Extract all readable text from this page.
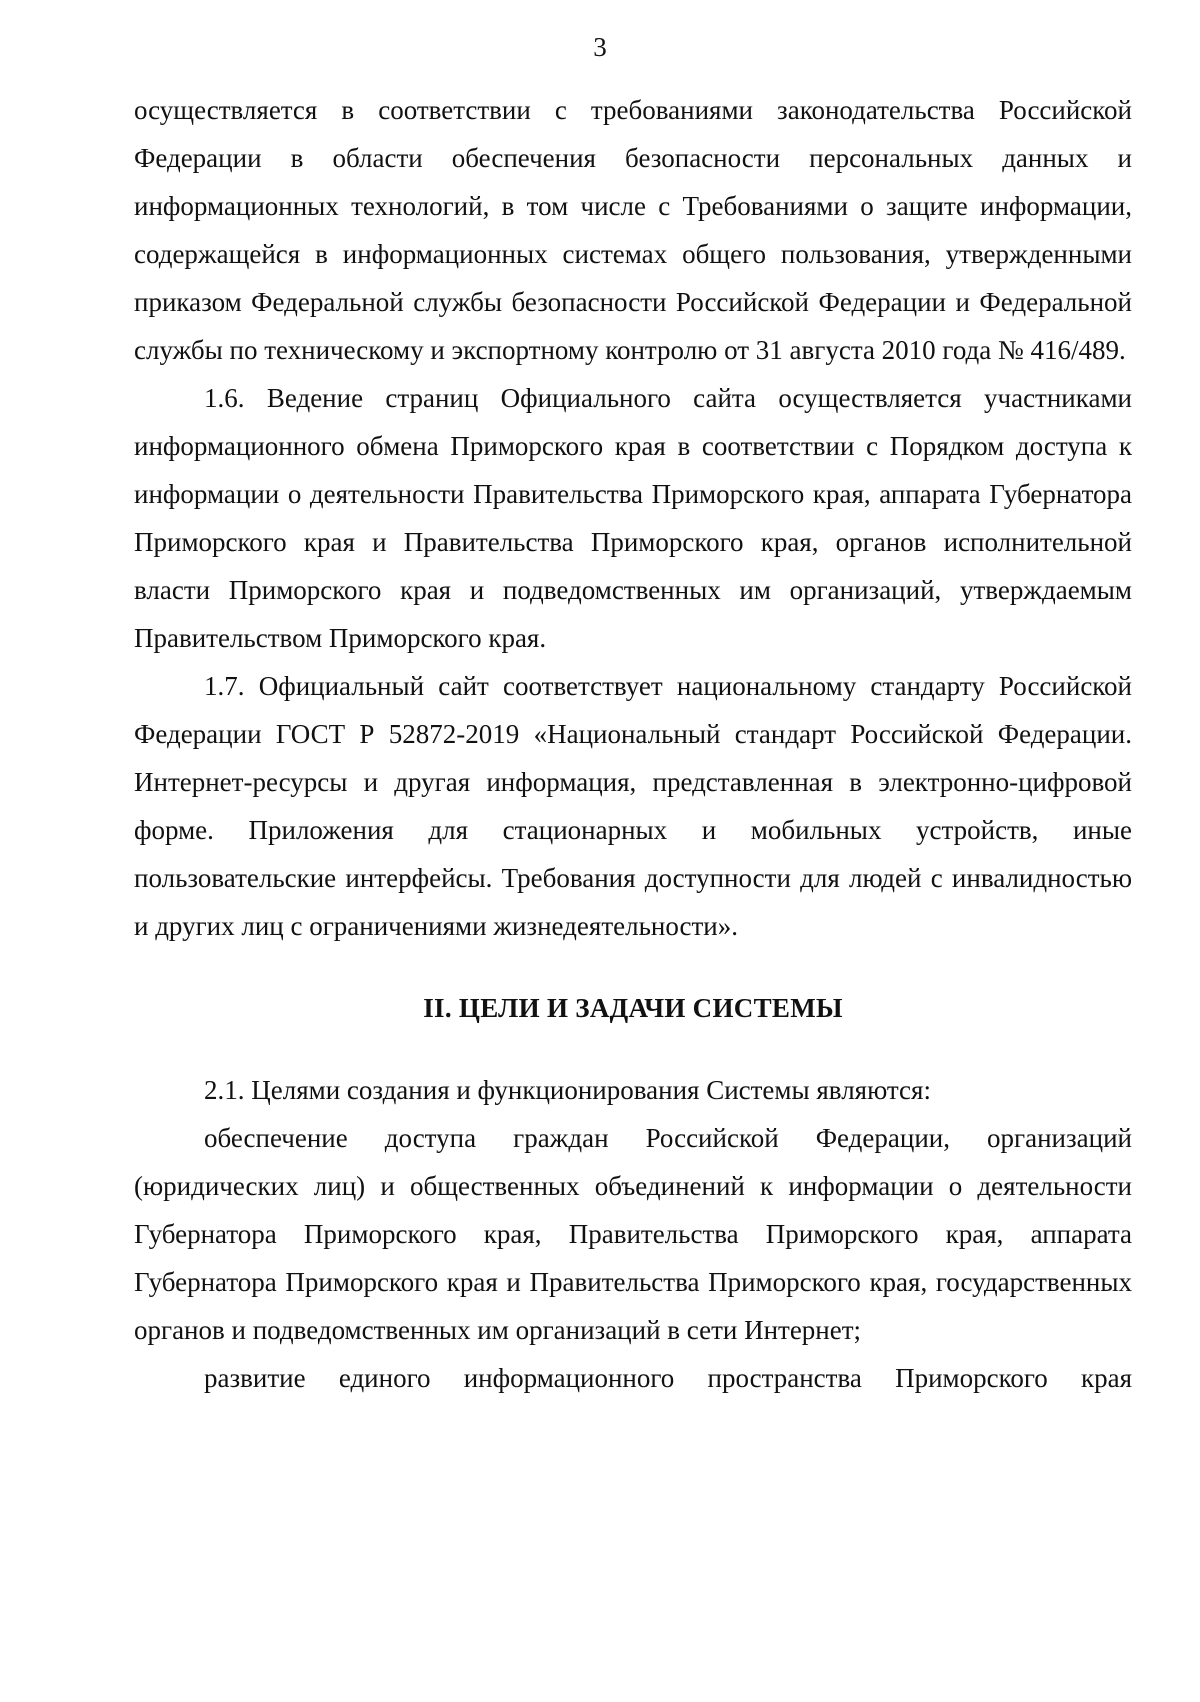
3

осуществляется в соответствии с требованиями законодательства Российской Федерации в области обеспечения безопасности персональных данных и информационных технологий, в том числе с Требованиями о защите информации, содержащейся в информационных системах общего пользования, утвержденными приказом Федеральной службы безопасности Российской Федерации и Федеральной службы по техническому и экспортному контролю от 31 августа 2010 года № 416/489.

1.6. Ведение страниц Официального сайта осуществляется участниками информационного обмена Приморского края в соответствии с Порядком доступа к информации о деятельности Правительства Приморского края, аппарата Губернатора Приморского края и Правительства Приморского края, органов исполнительной власти Приморского края и подведомственных им организаций, утверждаемым Правительством Приморского края.

1.7. Официальный сайт соответствует национальному стандарту Российской Федерации ГОСТ Р 52872-2019 «Национальный стандарт Российской Федерации. Интернет-ресурсы и другая информация, представленная в электронно-цифровой форме. Приложения для стационарных и мобильных устройств, иные пользовательские интерфейсы. Требования доступности для людей с инвалидностью и других лиц с ограничениями жизнедеятельности».

II. ЦЕЛИ И ЗАДАЧИ СИСТЕМЫ

2.1. Целями создания и функционирования Системы являются:

обеспечение доступа граждан Российской Федерации, организаций (юридических лиц) и общественных объединений к информации о деятельности Губернатора Приморского края, Правительства Приморского края, аппарата Губернатора Приморского края и Правительства Приморского края, государственных органов и подведомственных им организаций в сети Интернет;

развитие единого информационного пространства Приморского края
